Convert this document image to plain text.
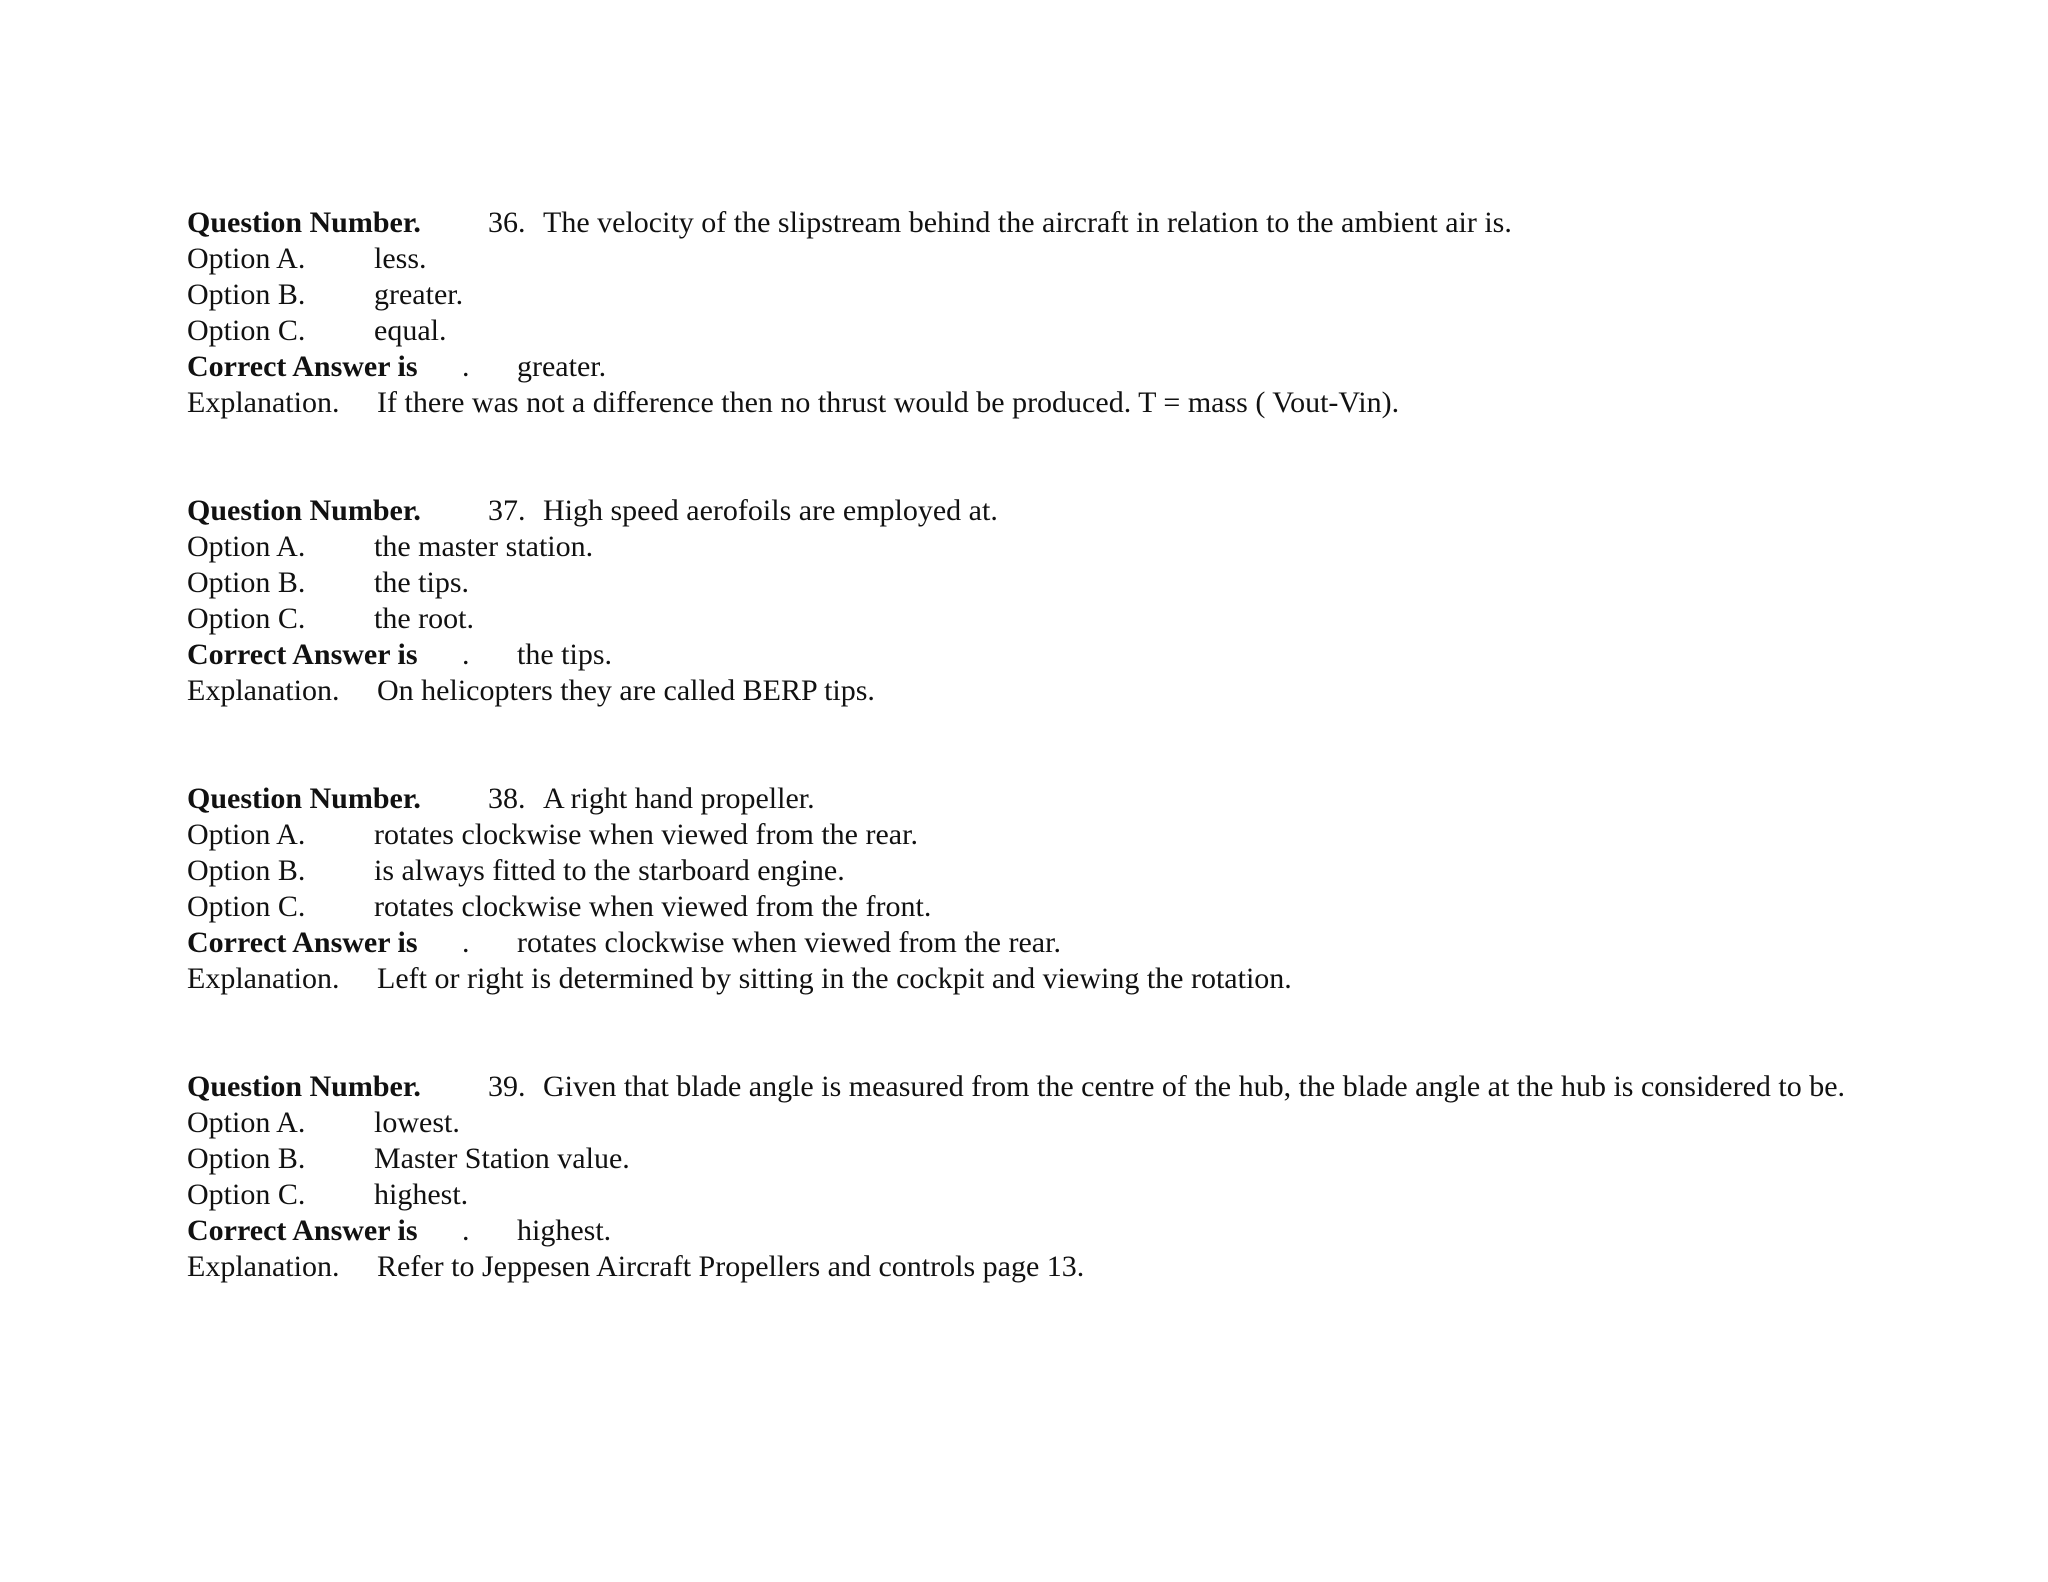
Question Number. 36. The velocity of the slipstream behind the aircraft in relation to the ambient air is.
Option A. less.
Option B. greater.
Option C. equal.
Correct Answer is . greater.
Explanation. If there was not a difference then no thrust would be produced. T = mass ( Vout-Vin).
Question Number. 37. High speed aerofoils are employed at.
Option A. the master station.
Option B. the tips.
Option C. the root.
Correct Answer is . the tips.
Explanation. On helicopters they are called BERP tips.
Question Number. 38. A right hand propeller.
Option A. rotates clockwise when viewed from the rear.
Option B. is always fitted to the starboard engine.
Option C. rotates clockwise when viewed from the front.
Correct Answer is . rotates clockwise when viewed from the rear.
Explanation. Left or right is determined by sitting in the cockpit and viewing the rotation.
Question Number. 39. Given that blade angle is measured from the centre of the hub, the blade angle at the hub is considered to be.
Option A. lowest.
Option B. Master Station value.
Option C. highest.
Correct Answer is . highest.
Explanation. Refer to Jeppesen Aircraft Propellers and controls page 13.
